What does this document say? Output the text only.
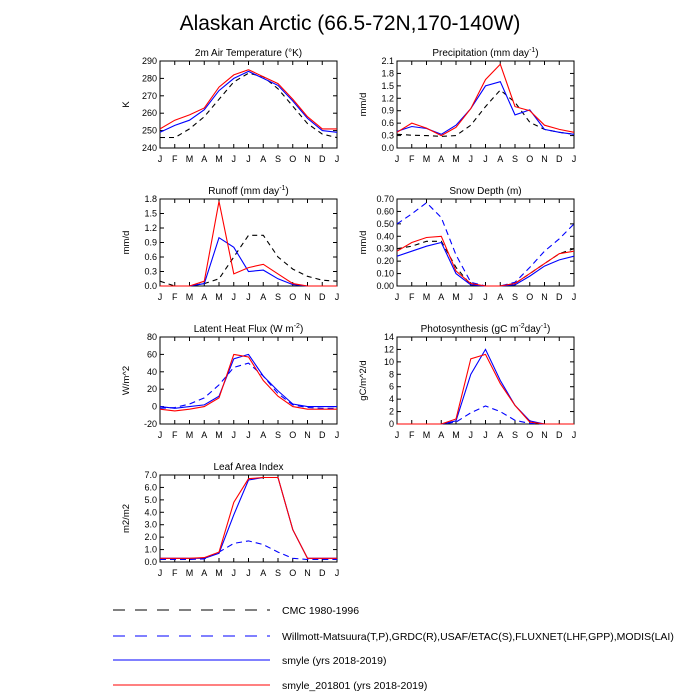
Alaskan Arctic (66.5-72N,170-140W)
2m Air Temperature (°K)
240
250
260
270
280
290
J F M A M J J A S O N D J
K
Precipitation (mm day$^{-1}$)
0.0
0.3
0.6
0.9
1.2
1.5
1.8
2.1
J F M A M J J A S O N D J
mm/d
Runoff (mm day$^{-1}$)
0.0
0.3
0.6
0.9
1.2
1.5
1.8
J F M A M J J A S O N D J
mm/d
Snow Depth (m)
0.00
0.10
0.20
0.30
0.40
0.50
0.60
0.70
J F M A M J J A S O N D J
mm/d
Latent Heat Flux (W $m^{-2}$)
-20
0
20
40
60
80
J F M A M J J A S O N D J
W/m^2
Photosynthesis (gC $m^{-2}day^{-1}$)
0
2
4
6
8
10
12
14
J F M A M J J A S O N D J
gC/m^2/d
Leaf Area Index
0.0
1.0
2.0
3.0
4.0
5.0
6.0
7.0
J F M A M J J A S O N D J
m2/m2
CMC 1980-1996
Willmott-Matsuura(T,P),GRDC(R),USAF/ETAC(S),FLUXNET(LHF,GPP),MODIS(LAI)
smyle (yrs 2018-2019)
smyle_201801 (yrs 2018-2019)
